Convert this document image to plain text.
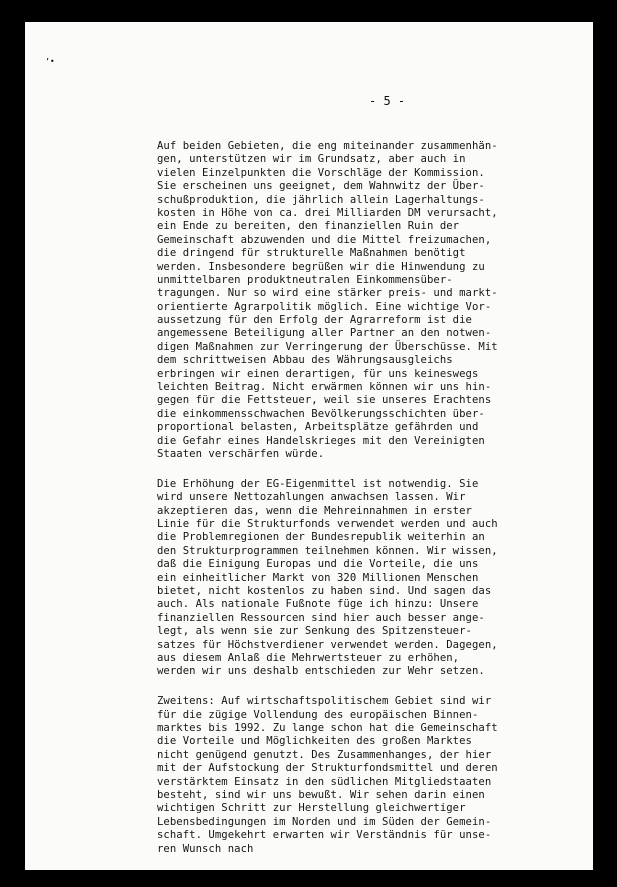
’•
- 5 -
Auf beiden Gebieten, die eng miteinander zusammenhän-
gen, unterstützen wir im Grundsatz, aber auch in
vielen Einzelpunkten die Vorschläge der Kommission.
Sie erscheinen uns geeignet, dem Wahnwitz der Über-
schußproduktion, die jährlich allein Lagerhaltungs-
kosten in Höhe von ca. drei Milliarden DM verursacht,
ein Ende zu bereiten, den finanziellen Ruin der
Gemeinschaft abzuwenden und die Mittel freizumachen,
die dringend für strukturelle Maßnahmen benötigt
werden. Insbesondere begrüßen wir die Hinwendung zu
unmittelbaren produktneutralen Einkommensüber-
tragungen. Nur so wird eine stärker preis- und markt-
orientierte Agrarpolitik möglich. Eine wichtige Vor-
aussetzung für den Erfolg der Agrarreform ist die
angemessene Beteiligung aller Partner an den notwen-
digen Maßnahmen zur Verringerung der Überschüsse. Mit
dem schrittweisen Abbau des Währungsausgleichs
erbringen wir einen derartigen, für uns keineswegs
leichten Beitrag. Nicht erwärmen können wir uns hin-
gegen für die Fettsteuer, weil sie unseres Erachtens
die einkommensschwachen Bevölkerungsschichten über-
proportional belasten, Arbeitsplätze gefährden und
die Gefahr eines Handelskrieges mit den Vereinigten
Staaten verschärfen würde.
Die Erhöhung der EG-Eigenmittel ist notwendig. Sie
wird unsere Nettozahlungen anwachsen lassen. Wir
akzeptieren das, wenn die Mehreinnahmen in erster
Linie für die Strukturfonds verwendet werden und auch
die Problemregionen der Bundesrepublik weiterhin an
den Strukturprogrammen teilnehmen können. Wir wissen,
daß die Einigung Europas und die Vorteile, die uns
ein einheitlicher Markt von 320 Millionen Menschen
bietet, nicht kostenlos zu haben sind. Und sagen das
auch. Als nationale Fußnote füge ich hinzu: Unsere
finanziellen Ressourcen sind hier auch besser ange-
legt, als wenn sie zur Senkung des Spitzensteuer-
satzes für Höchstverdiener verwendet werden. Dagegen,
aus diesem Anlaß die Mehrwertsteuer zu erhöhen,
werden wir uns deshalb entschieden zur Wehr setzen.
Zweitens: Auf wirtschaftspolitischem Gebiet sind wir
für die zügige Vollendung des europäischen Binnen-
marktes bis 1992. Zu lange schon hat die Gemeinschaft
die Vorteile und Möglichkeiten des großen Marktes
nicht genügend genutzt. Des Zusammenhanges, der hier
mit der Aufstockung der Strukturfondsmittel und deren
verstärktem Einsatz in den südlichen Mitgliedstaaten
besteht, sind wir uns bewußt. Wir sehen darin einen
wichtigen Schritt zur Herstellung gleichwertiger
Lebensbedingungen im Norden und im Süden der Gemein-
schaft. Umgekehrt erwarten wir Verständnis für unse-
ren Wunsch nach
